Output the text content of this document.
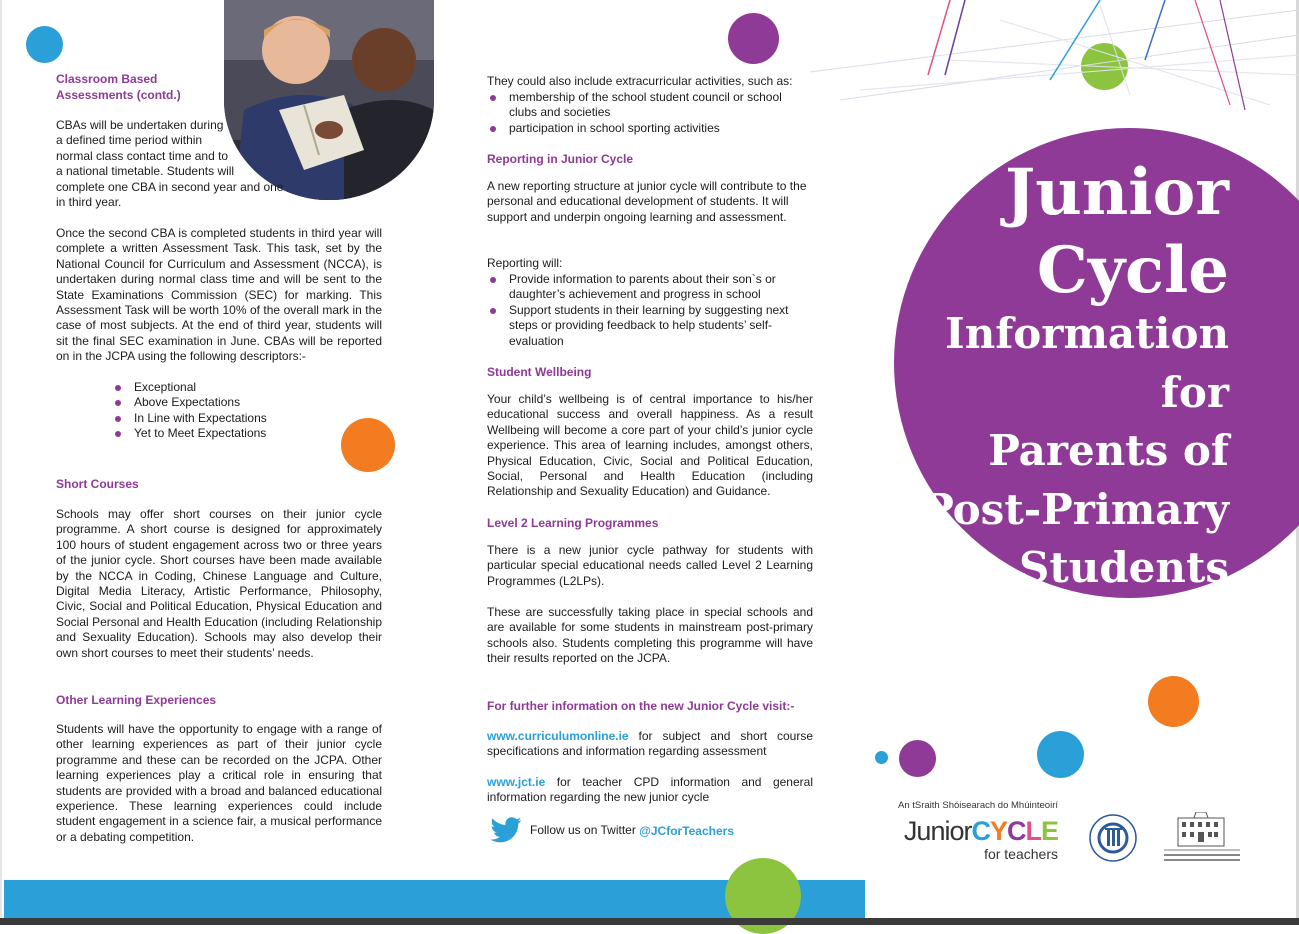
Classroom Based
Assessments (contd.)

CBAs will be undertaken during
a defined time period within
normal class contact time and to
a national timetable. Students will
complete one CBA in second year and one
in third year.

Once the second CBA is completed students in third year will complete a written Assessment Task. This task, set by the National Council for Curriculum and Assessment (NCCA), is undertaken during normal class time and will be sent to the State Examinations Commission (SEC) for marking. This Assessment Task will be worth 10% of the overall mark in the case of most subjects. At the end of third year, students will sit the final SEC examination in June. CBAs will be reported on in the JCPA using the following descriptors:-

Exceptional
Above Expectations
In Line with Expectations
Yet to Meet Expectations

Short Courses

Schools may offer short courses on their junior cycle programme. A short course is designed for approximately 100 hours of student engagement across two or three years of the junior cycle. Short courses have been made available by the NCCA in Coding, Chinese Language and Culture, Digital Media Literacy, Artistic Performance, Philosophy, Civic, Social and Political Education, Physical Education and Social Personal and Health Education (including Relationship and Sexuality Education). Schools may also develop their own short courses to meet their students’ needs.

Other Learning Experiences

Students will have the opportunity to engage with a range of other learning experiences as part of their junior cycle programme and these can be recorded on the JCPA. Other learning experiences play a critical role in ensuring that students are provided with a broad and balanced educational experience. These learning experiences could include student engagement in a science fair, a musical performance or a debating competition.

They could also include extracurricular activities, such as:

membership of the school student council or school clubs and societies
participation in school sporting activities

Reporting in Junior Cycle

A new reporting structure at junior cycle will contribute to the personal and educational development of students. It will support and underpin ongoing learning and assessment.

Reporting will:

Provide information to parents about their son`s or daughter’s achievement and progress in school
Support students in their learning by suggesting next steps or providing feedback to help students’ self-evaluation

Student Wellbeing

Your child’s wellbeing is of central importance to his/her educational success and overall happiness. As a result Wellbeing will become a core part of your child’s junior cycle experience. This area of learning includes, amongst others, Physical Education, Civic, Social and Political Education, Social, Personal and Health Education (including Relationship and Sexuality Education) and Guidance.

Level 2 Learning Programmes

There is a new junior cycle pathway for students with particular special educational needs called Level 2 Learning Programmes (L2LPs).

These are successfully taking place in special schools and are available for some students in mainstream post-primary schools also. Students completing this programme will have their results reported on the JCPA.

For further information on the new Junior Cycle visit:-

www.curriculumonline.ie for subject and short course specifications and information regarding assessment

www.jct.ie for teacher CPD information and general information regarding the new junior cycle

Follow us on Twitter @JCforTeachers
Junior
Cycle
Information
for
Parents of
Post-Primary
Students
An tSraith Shóisearach do Mhúinteoirí
JuniorCYCLE
for teachers
